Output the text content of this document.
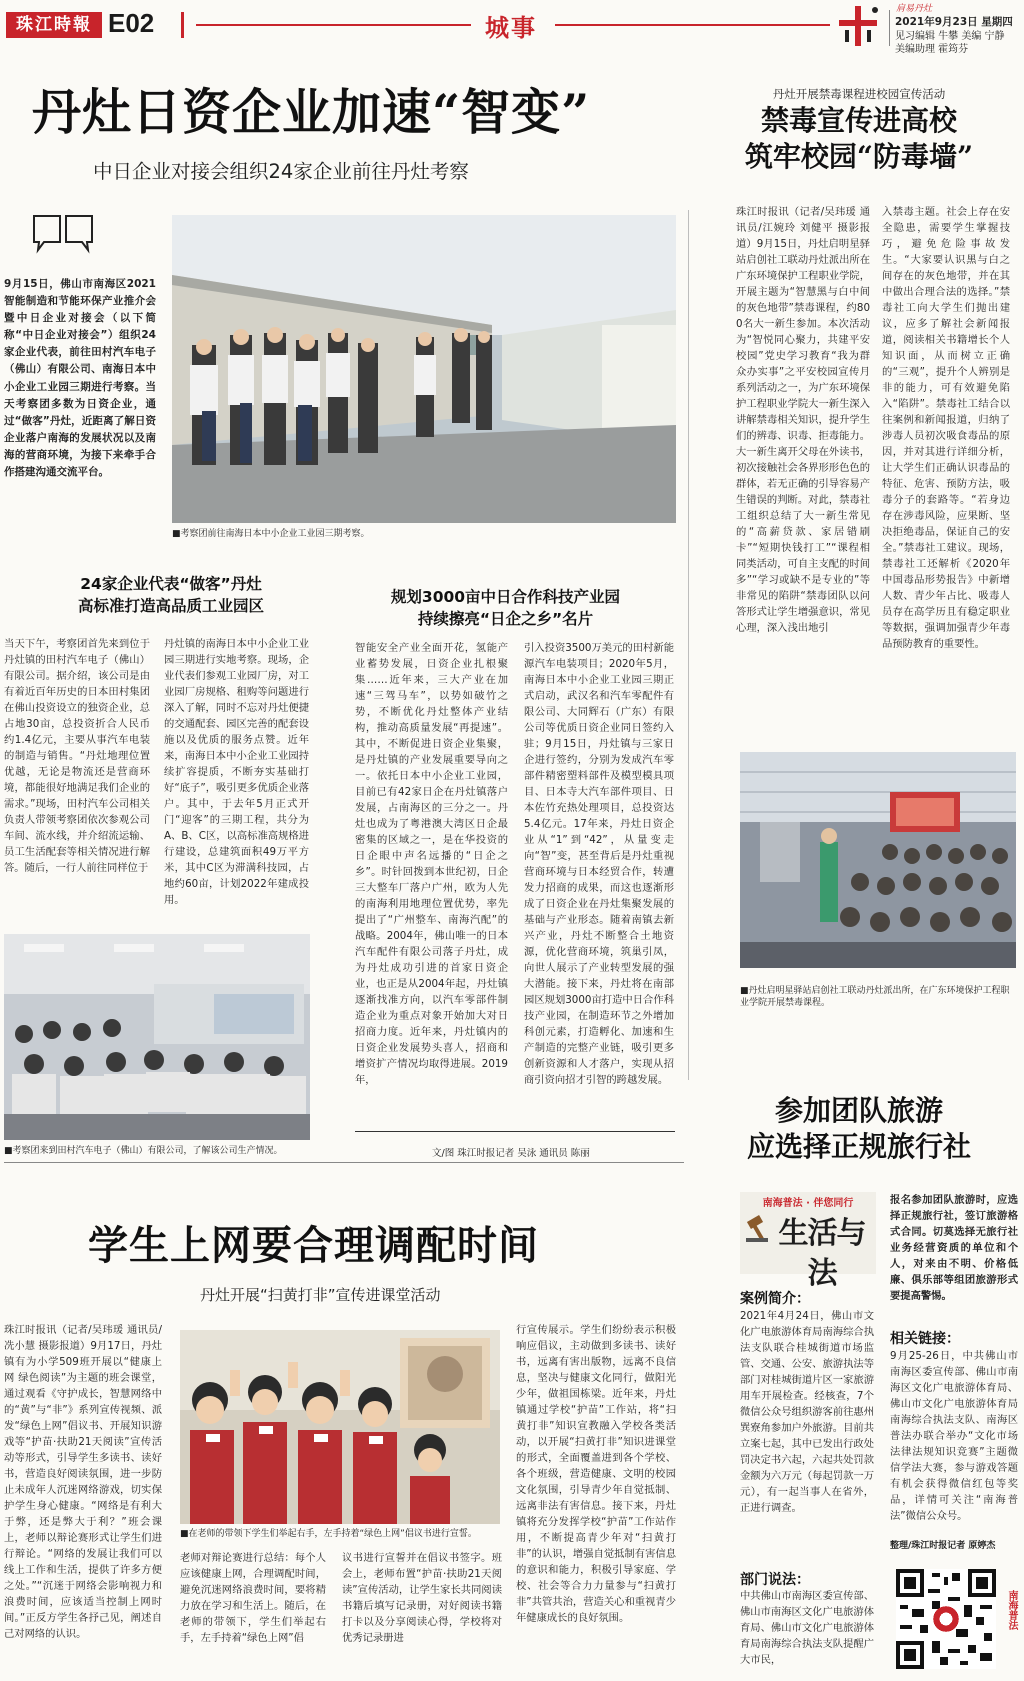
珠江時報 E02	城事
肩易丹灶
2021年9月23日 星期四
见习编辑 牛攀 美编 宁静
美编助理 霍筠芬
丹灶日资企业加速“智变”
中日企业对接会组织24家企业前往丹灶考察
9月15日，佛山市南海区2021智能制造和节能环保产业推介会暨中日企业对接会（以下简称“中日企业对接会”）组织24家企业代表，前往田村汽车电子（佛山）有限公司、南海日本中小企业工业园三期进行考察。当天考察团多数为日资企业，通过“做客”丹灶，近距离了解日资企业落户南海的发展状况以及南海的营商环境，为接下来牵手合作搭建沟通交流平台。
■考察团前往南海日本中小企业工业园三期考察。
24家企业代表“做客”丹灶
高标准打造高品质工业园区
当天下午，考察团首先来到位于丹灶镇的田村汽车电子（佛山）有限公司。据介绍，该公司是由有着近百年历史的日本田村集团在佛山投资设立的独资企业，总占地30亩，总投资折合人民币约1.4亿元，主要从事汽车电装的制造与销售。“丹灶地理位置优越，无论是物流还是营商环境，都能很好地满足我们企业的需求。”现场，田村汽车公司相关负责人带领考察团依次参观公司车间、流水线，并介绍流运输、员工生活配套等相关情况进行解答。随后，一行人前往同样位于
丹灶镇的南海日本中小企业工业园三期进行实地考察。现场，企业代表们参观工业园厂房，对工业园厂房规格、租购等问题进行深入了解，同时不忘对丹灶便捷的交通配套、园区完善的配套设施以及优质的服务点赞。近年来，南海日本中小企业工业园持续扩容提质，不断夯实基础打好“底子”，吸引更多优质企业落户。其中，于去年5月正式开门“迎客”的三期工程，共分为A、B、C区，以高标准高规格进行建设，总建筑面积49万平方米，其中C区为滞满科技园，占地约60亩，计划2022年建成投用。
■考察团来到田村汽车电子（佛山）有限公司，了解该公司生产情况。
规划3000亩中日合作科技产业园
持续擦亮“日企之乡”名片
智能安全产业全面开花，氢能产业蓄势发展，日资企业扎根聚集……近年来，三大产业在加速“三驾马车”，以势如破竹之势，不断优化丹灶整体产业结构，推动高质量发展“再提速”。其中，不断促进日资企业集聚，是丹灶镇的产业发展重要导向之一。依托日本中小企业工业园，目前已有42家日企在丹灶镇落户发展，占南海区的三分之一。丹灶也成为了粤港澳大湾区日企最密集的区域之一，是在华投资的日企眼中声名远播的“日企之乡”。时针回拨到本世纪初，日企三大整车厂落户广州，欧为人先的南海利用地理位置优势，率先提出了“广州整车、南海汽配”的战略。2004年，佛山唯一的日本汽车配件有限公司落子丹灶，成为丹灶成功引进的首家日资企业，也正是从2004年起，丹灶镇逐渐找准方向，以汽车零部件制造企业为重点对象开始加大对日招商力度。近年来，丹灶镇内的日资企业发展势头喜人，招商和增资扩产情况均取得进展。2019年，
引入投资3500万美元的田村新能源汽车电装项目；2020年5月，南海日本中小企业工业园三期正式启动，武汉名和汽车零配件有限公司、大同辉石（广东）有限公司等优质日资企业同日签约入驻；9月15日，丹灶镇与三家日企进行签约，分别为发成汽车零部件精密塑料部件及模型模具项目、日本寺大汽车部件项目、日本佐竹充热处理项目，总投资达5.4亿元。17年来，丹灶日资企业从“1”到“42”，从量变走向“智”变，甚至背后是丹灶重视营商环境与日本经贸合作，转遭发力招商的成果，而这也逐渐形成了日资企业在丹灶集聚发展的基础与产业形态。随着南镇去新兴产业，丹灶不断整合土地资源，优化营商环境，筑巢引凤，向世人展示了产业转型发展的强大潜能。接下来，丹灶将在南部园区规划3000亩打造中日合作科技产业园，在制造环节之外增加科创元素，打造孵化、加速和生产制造的完整产业链，吸引更多创新资源和人才落户，实现从招商引资向招才引智的跨越发展。
文/图 珠江时报记者 吴泳 通讯员 陈丽
丹灶开展禁毒课程进校园宣传活动
禁毒宣传进高校
筑牢校园“防毒墙”
珠江时报讯（记者/吴玮瑗 通讯员/江婉玲 刘健平 摄影报道）9月15日，丹灶启明星驿站启创社工联动丹灶派出所在广东环境保护工程职业学院，开展主题为“智慧黑与白中间的灰色地带”禁毒课程，约800名大一新生参加。本次活动为“智悦同心聚力，共建平安校园”党史学习教育“我为群众办实事”之平安校园宣传月系列活动之一，为广东环境保护工程职业学院大一新生深入讲解禁毒相关知识，提升学生们的辨毒、识毒、拒毒能力。大一新生离开父母在外读书，初次接触社会各界形形色色的群体，若无正确的引导容易产生错误的判断。对此，禁毒社工组织总结了大一新生常见的“高薪贷款、家居错刷卡”“短期快钱打工”“课程相同类活动，可自主支配的时间多”“学习或缺不是专业的”等非常见的陷阱“禁毒团队以问答形式让学生增强意识，常见心理，深入浅出地引
入禁毒主题。社会上存在安全隐患，需要学生掌握技巧，避免危险事故发生。“大家要认识黑与白之间存在的灰色地带，并在其中做出合理合法的选择。”禁毒社工向大学生们抛出建议，应多了解社会新闻报道，阅读相关书籍增长个人知识面，从而树立正确的“三观”，提升个人辨别是非的能力，可有效避免陷入“陷阱”。禁毒社工结合以往案例和新闻报道，归纳了涉毒人员初次吸食毒品的原因，并对其进行详细分析，让大学生们正确认识毒品的特征、危害、预防方法，吸毒分子的套路等。“若身边存在涉毒风险，应果断、坚决拒绝毒品，保证自己的安全。”禁毒社工建议。现场，禁毒社工还解析《2020年中国毒品形势报告》中新增人数、青少年占比、吸毒人员存在高学历且有稳定职业等数据，强调加强青少年毒品预防教育的重要性。
■丹灶启明星驿站启创社工联动丹灶派出所，在广东环境保护工程职业学院开展禁毒课程。
参加团队旅游
应选择正规旅行社
南海普法 · 伴您同行
生活与法
报名参加团队旅游时，应选择正规旅行社，签订旅游格式合同。切莫选择无旅行社业务经营资质的单位和个人，对来由不明、价格低廉、俱乐部等组团旅游形式要提高警惕。
案例简介：
2021年4月24日，佛山市文化广电旅游体育局南海综合执法支队联合桂城街道市场监管、交通、公安、旅游执法等部门对桂城街道片区一家旅游用车开展检查。经核查，7个微信公众号组织游客前往惠州巽寮角参加户外旅游。目前共立案七起，其中已发出行政处罚决定书六起，六起共处罚款金额为六万元（每起罚款一万元），有一起当事人在省外，正进行调查。
相关链接：
9月25-26日，中共佛山市南海区委宣传部、佛山市南海区文化广电旅游体育局、佛山市文化广电旅游体育局南海综合执法支队、南海区普法办联合举办“文化市场法律法规知识竞赛”主题微信学法大赛，参与游戏答题有机会获得微信红包等奖品，详情可关注“南海普法”微信公众号。
整理/珠江时报记者 原婷杰
部门说法：
中共佛山市南海区委宣传部、佛山市南海区文化广电旅游体育局、佛山市文化广电旅游体育局南海综合执法支队提醒广大市民，
南海普法
学生上网要合理调配时间
丹灶开展“扫黄打非”宣传进课堂活动
珠江时报讯（记者/吴玮瑗 通讯员/冼小慧 摄影报道）9月17日，丹灶镇有为小学509班开展以“健康上网 绿色阅读”为主题的班会课堂，通过观看《守护成长，智慧网络中的“黄”与“非”》系列宣传视频、派发“绿色上网”倡议书、开展知识游戏等“护苗·扶助21天阅读”宣传活动等形式，引导学生多读书、读好书，营造良好阅读氛围，进一步防止未成年人沉迷网络游戏，切实保护学生身心健康。“网络是有利大于弊，还是弊大于利？”班会课上，老师以辩论赛形式让学生们进行辩论。“网络的发展让我们可以线上工作和生活，提供了许多方便之处。”“沉迷于网络会影响视力和浪费时间，应该适当控制上网时间。”正反方学生各抒己见，阐述自己对网络的认识。
■在老师的带领下学生们举起右手，左手持着“绿色上网”倡议书进行宣誓。
老师对辩论赛进行总结：每个人应该健康上网，合理调配时间，避免沉迷网络浪费时间，要将精力放在学习和生活上。随后，在老师的带领下，学生们举起右手，左手持着“绿色上网”倡
议书进行宣誓并在倡议书签字。班会上，老师布置“护苗·扶助21天阅读”宣传活动，让学生家长共同阅读书籍后填写记录册，对好阅读书籍打卡以及分享阅读心得，学校将对优秀记录册进
行宣传展示。学生们纷纷表示积极响应倡议，主动做到多读书、读好书，远离有害出版物，远离不良信息，坚决与健康文化同行，做阳光少年，做祖国栋梁。近年来，丹灶镇通过学校“护苗”工作站，将“扫黄打非”知识宣教融入学校各类活动，以开展“扫黄打非”知识进课堂的形式，全面覆盖进到各个学校、各个班级，营造健康、文明的校园文化氛围，引导青少年自觉抵制、远离非法有害信息。接下来，丹灶镇将充分发挥学校“护苗”工作站作用，不断提高青少年对“扫黄打非”的认识，增强自觉抵制有害信息的意识和能力，积极引导家庭、学校、社会等合力力量参与“扫黄打非”共管共治，营造关心和重视青少年健康成长的良好氛围。
